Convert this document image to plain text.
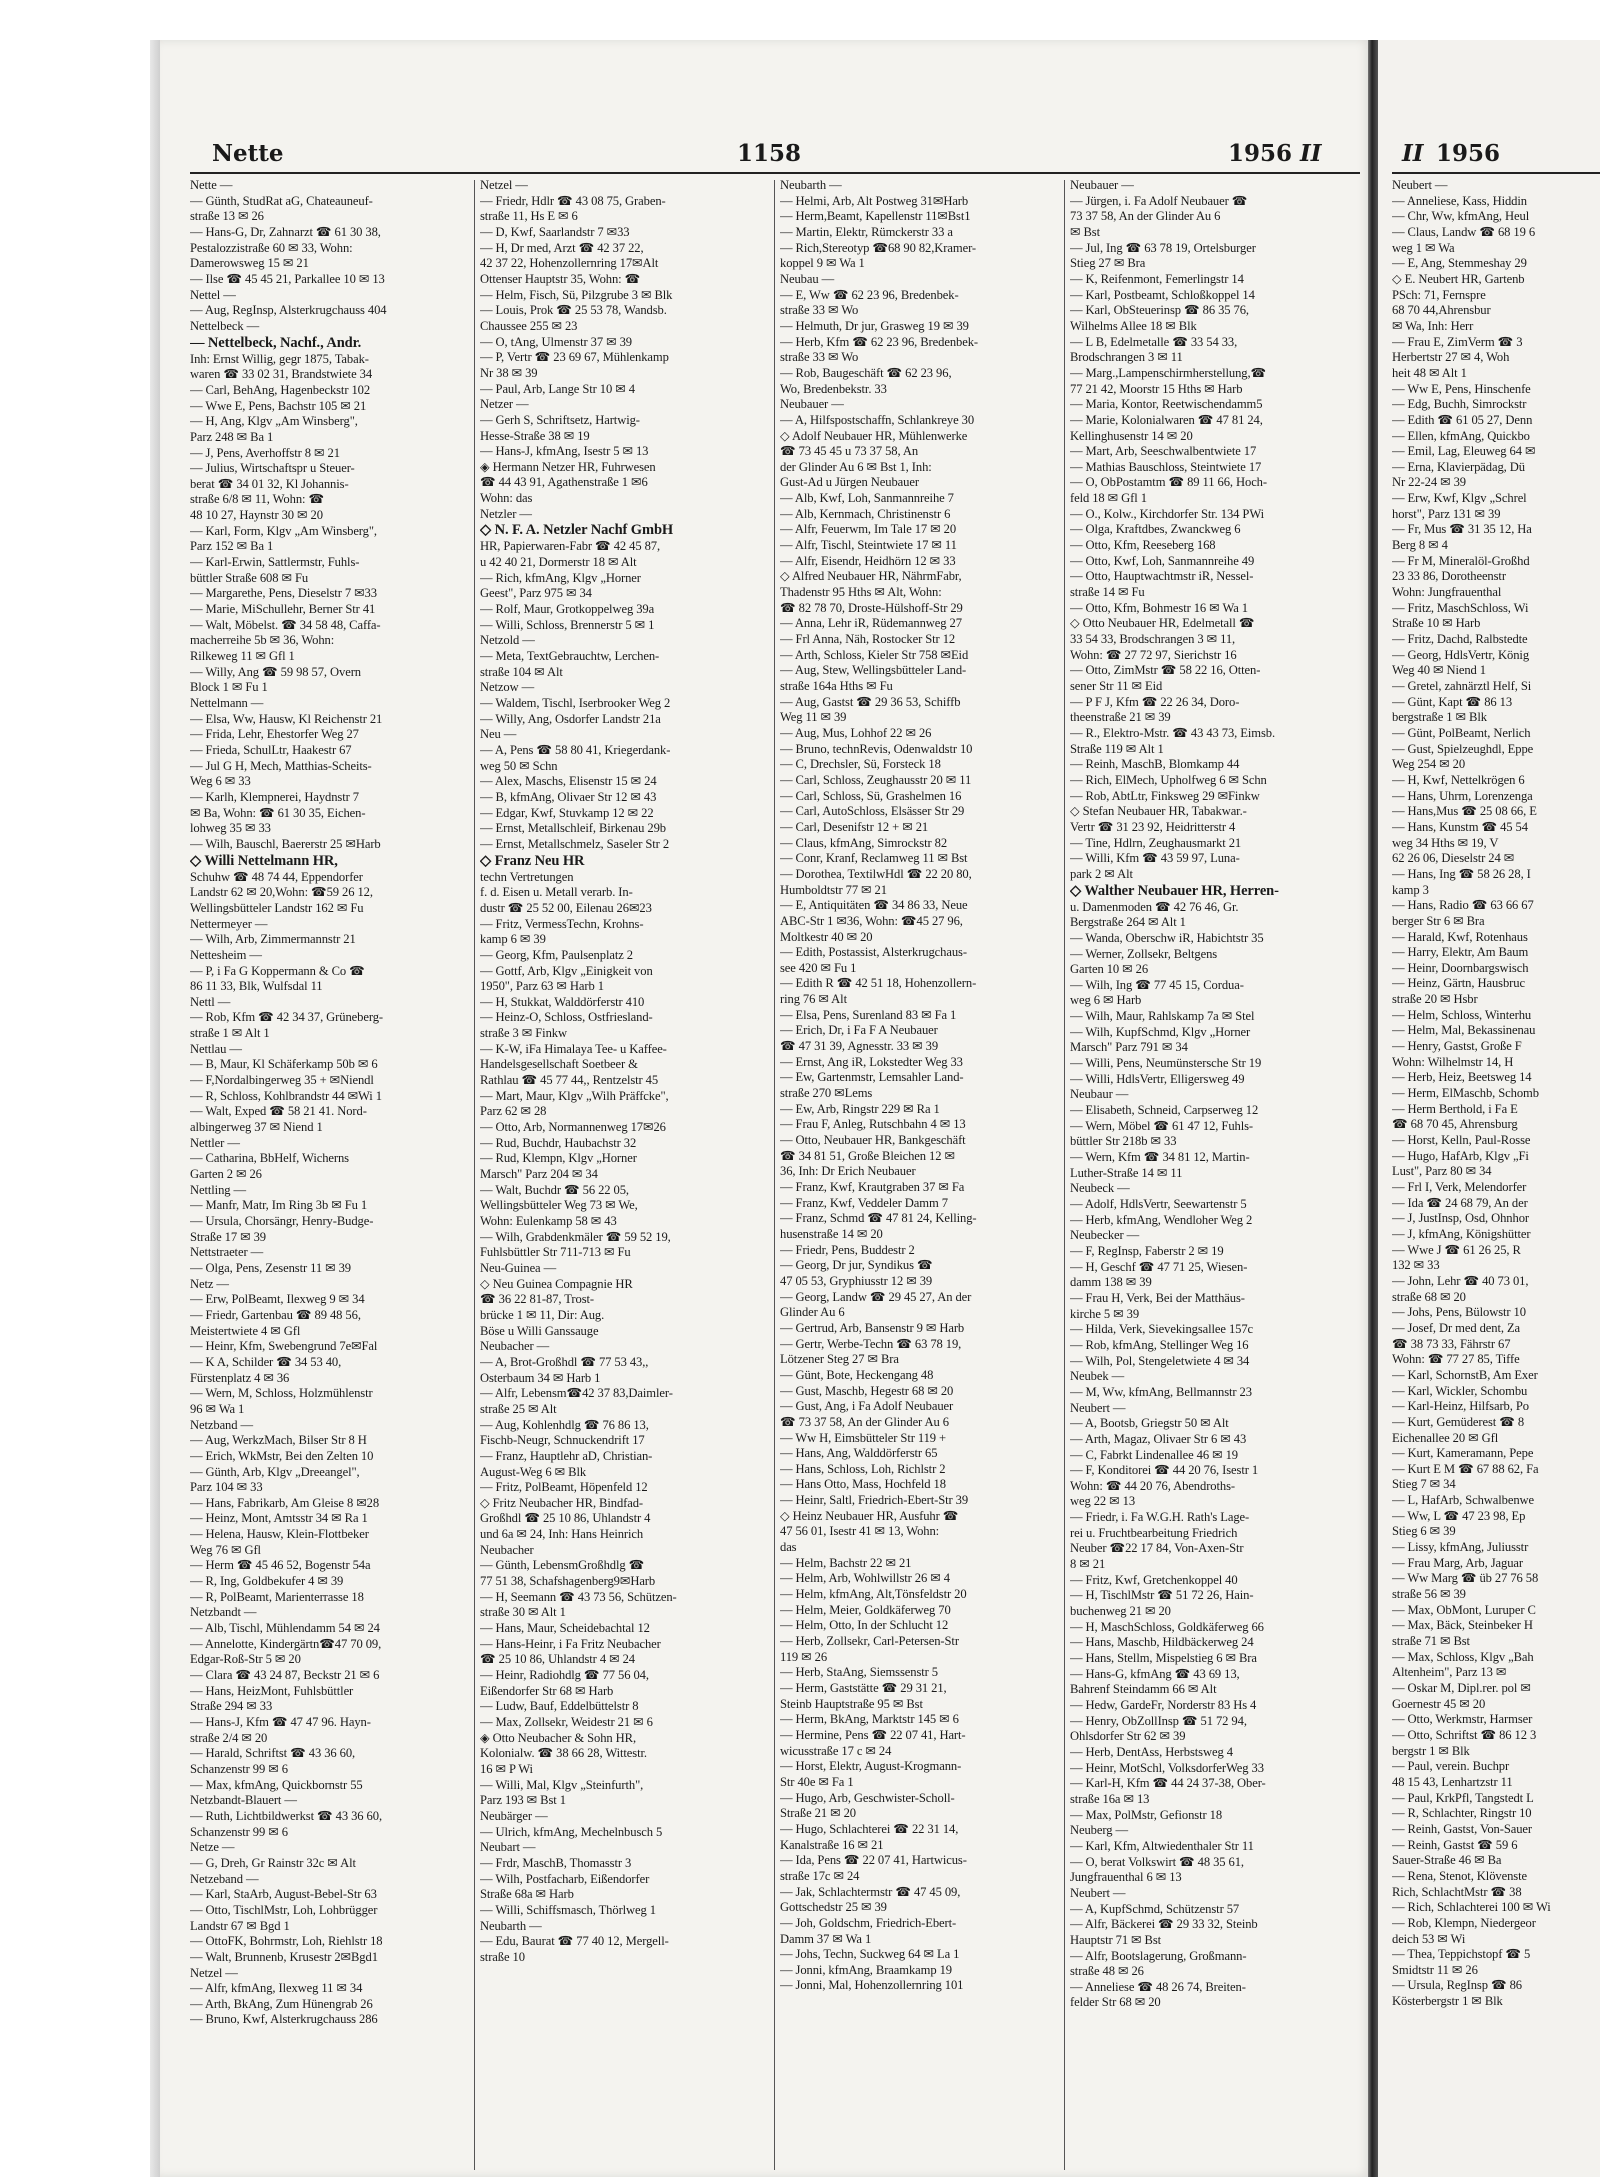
Nette	1158	1956 II	II 1956

Nette —

— Günth, StudRat aG, Chateauneuf-

straße 13 ✉ 26

— Hans-G, Dr, Zahnarzt ☎ 61 30 38,

Pestalozzistraße 60 ✉ 33, Wohn:

Damerowsweg 15 ✉ 21

— Ilse ☎ 45 45 21, Parkallee 10 ✉ 13

Nettel —

— Aug, RegInsp, Alsterkrugchauss 404

Nettelbeck —

— Nettelbeck, Nachf., Andr.

Inh: Ernst Willig, gegr 1875, Tabak-

waren ☎ 33 02 31, Brandstwiete 34

— Carl, BehAng, Hagenbeckstr 102

— Wwe E, Pens, Bachstr 105 ✉ 21

— H, Ang, Klgv „Am Winsberg",

Parz 248 ✉ Ba 1

— J, Pens, Averhoffstr 8 ✉ 21

— Julius, Wirtschaftspr u Steuer-

berat ☎ 34 01 32, Kl Johannis-

straße 6/8 ✉ 11, Wohn: ☎

48 10 27, Haynstr 30 ✉ 20

— Karl, Form, Klgv „Am Winsberg",

Parz 152 ✉ Ba 1

— Karl-Erwin, Sattlermstr, Fuhls-

büttler Straße 608 ✉ Fu

— Margarethe, Pens, Dieselstr 7 ✉33

— Marie, MiSchullehr, Berner Str 41

— Walt, Möbelst. ☎ 34 58 48, Caffa-

macherreihe 5b ✉ 36, Wohn:

Rilkeweg 11 ✉ Gfl 1

— Willy, Ang ☎ 59 98 57, Overn

Block 1 ✉ Fu 1

Nettelmann —

— Elsa, Ww, Hausw, Kl Reichenstr 21

— Frida, Lehr, Ehestorfer Weg 27

— Frieda, SchulLtr, Haakestr 67

— Jul G H, Mech, Matthias-Scheits-

Weg 6 ✉ 33

— Karlh, Klempnerei, Haydnstr 7

✉ Ba, Wohn: ☎ 61 30 35, Eichen-

lohweg 35 ✉ 33

— Wilh, Bauschl, Baererstr 25 ✉Harb

◇ Willi Nettelmann HR,

Schuhw ☎ 48 74 44, Eppendorfer

Landstr 62 ✉ 20,Wohn: ☎59 26 12,

Wellingsbütteler Landstr 162 ✉ Fu

Nettermeyer —

— Wilh, Arb, Zimmermannstr 21

Nettesheim —

— P, i Fa G Koppermann & Co ☎

86 11 33, Blk, Wulfsdal 11

Nettl —

— Rob, Kfm ☎ 42 34 37, Grüneberg-

straße 1 ✉ Alt 1

Nettlau —

— B, Maur, Kl Schäferkamp 50b ✉ 6

— F,Nordalbingerweg 35 + ✉Niendl

— R, Schloss, Kohlbrandstr 44 ✉Wi 1

— Walt, Exped ☎ 58 21 41. Nord-

albingerweg 37 ✉ Niend 1

Nettler —

— Catharina, BbHelf, Wicherns

Garten 2 ✉ 26

Nettling —

— Manfr, Matr, Im Ring 3b ✉ Fu 1

— Ursula, Chorsängr, Henry-Budge-

Straße 17 ✉ 39

Nettstraeter —

— Olga, Pens, Zesenstr 11 ✉ 39

Netz —

— Erw, PolBeamt, Ilexweg 9 ✉ 34

— Friedr, Gartenbau ☎ 89 48 56,

Meistertwiete 4 ✉ Gfl

— Heinr, Kfm, Swebengrund 7e✉Fal

— K A, Schilder ☎ 34 53 40,

Fürstenplatz 4 ✉ 36

— Wern, M, Schloss, Holzmühlenstr

96 ✉ Wa 1

Netzband —

— Aug, WerkzMach, Bilser Str 8 H

— Erich, WkMstr, Bei den Zelten 10

— Günth, Arb, Klgv „Dreeangel",

Parz 104 ✉ 33

— Hans, Fabrikarb, Am Gleise 8 ✉28

— Heinz, Mont, Amtsstr 34 ✉ Ra 1

— Helena, Hausw, Klein-Flottbeker

Weg 76 ✉ Gfl

— Herm ☎ 45 46 52, Bogenstr 54a

— R, Ing, Goldbekufer 4 ✉ 39

— R, PolBeamt, Marienterrasse 18

Netzbandt —

— Alb, Tischl, Mühlendamm 54 ✉ 24

— Annelotte, Kindergärtn☎47 70 09,

Edgar-Roß-Str 5 ✉ 20

— Clara ☎ 43 24 87, Beckstr 21 ✉ 6

— Hans, HeizMont, Fuhlsbüttler

Straße 294 ✉ 33

— Hans-J, Kfm ☎ 47 47 96. Hayn-

straße 2/4 ✉ 20

— Harald, Schriftst ☎ 43 36 60,

Schanzenstr 99 ✉ 6

— Max, kfmAng, Quickbornstr 55

Netzbandt-Blauert —

— Ruth, Lichtbildwerkst ☎ 43 36 60,

Schanzenstr 99 ✉ 6

Netze —

— G, Dreh, Gr Rainstr 32c ✉ Alt

Netzeband —

— Karl, StaArb, August-Bebel-Str 63

— Otto, TischlMstr, Loh, Lohbrügger

Landstr 67 ✉ Bgd 1

— OttoFK, Bohrmstr, Loh, Riehlstr 18

— Walt, Brunnenb, Krusestr 2✉Bgd1

Netzel —

— Alfr, kfmAng, Ilexweg 11 ✉ 34

— Arth, BkAng, Zum Hünengrab 26

— Bruno, Kwf, Alsterkrugchauss 286

Netzel —

— Friedr, Hdlr ☎ 43 08 75, Graben-

straße 11, Hs E ✉ 6

— D, Kwf, Saarlandstr 7 ✉33

— H, Dr med, Arzt ☎ 42 37 22,

42 37 22, Hohenzollernring 17✉Alt

Ottenser Hauptstr 35, Wohn: ☎

— Helm, Fisch, Sü, Pilzgrube 3 ✉ Blk

— Louis, Prok ☎ 25 53 78, Wandsb.

Chaussee 255 ✉ 23

— O, tAng, Ulmenstr 37 ✉ 39

— P, Vertr ☎ 23 69 67, Mühlenkamp

Nr 38 ✉ 39

— Paul, Arb, Lange Str 10 ✉ 4

Netzer —

— Gerh S, Schriftsetz, Hartwig-

Hesse-Straße 38 ✉ 19

— Hans-J, kfmAng, Isestr 5 ✉ 13

◈ Hermann Netzer HR, Fuhrwesen

☎ 44 43 91, Agathenstraße 1 ✉6

Wohn: das

Netzler —

◇ N. F. A. Netzler Nachf GmbH

HR, Papierwaren-Fabr ☎ 42 45 87,

u 42 40 21, Dormerstr 18 ✉ Alt

— Rich, kfmAng, Klgv „Horner

Geest", Parz 975 ✉ 34

— Rolf, Maur, Grotkoppelweg 39a

— Willi, Schloss, Brennerstr 5 ✉ 1

Netzold —

— Meta, TextGebrauchtw, Lerchen-

straße 104 ✉ Alt

Netzow —

— Waldem, Tischl, Iserbrooker Weg 2

— Willy, Ang, Osdorfer Landstr 21a

Neu —

— A, Pens ☎ 58 80 41, Kriegerdank-

weg 50 ✉ Schn

— Alex, Maschs, Elisenstr 15 ✉ 24

— B, kfmAng, Olivaer Str 12 ✉ 43

— Edgar, Kwf, Stuvkamp 12 ✉ 22

— Ernst, Metallschleif, Birkenau 29b

— Ernst, Metallschmelz, Saseler Str 2

◇ Franz Neu HR

techn Vertretungen

f. d. Eisen u. Metall verarb. In-

dustr ☎ 25 52 00, Eilenau 26✉23

— Fritz, VermessTechn, Krohns-

kamp 6 ✉ 39

— Georg, Kfm, Paulsenplatz 2

— Gottf, Arb, Klgv „Einigkeit von

1950", Parz 63 ✉ Harb 1

— H, Stukkat, Walddörferstr 410

— Heinz-O, Schloss, Ostfriesland-

straße 3 ✉ Finkw

— K-W, iFa Himalaya Tee- u Kaffee-

Handelsgesellschaft Soetbeer &

Rathlau ☎ 45 77 44,, Rentzelstr 45

— Mart, Maur, Klgv „Wilh Präffcke",

Parz 62 ✉ 28

— Otto, Arb, Normannenweg 17✉26

— Rud, Buchdr, Haubachstr 32

— Rud, Klempn, Klgv „Horner

Marsch" Parz 204 ✉ 34

— Walt, Buchdr ☎ 56 22 05,

Wellingsbütteler Weg 73 ✉ We,

Wohn: Eulenkamp 58 ✉ 43

— Wilh, Grabdenkmäler ☎ 59 52 19,

Fuhlsbüttler Str 711-713 ✉ Fu

Neu-Guinea —

◇ Neu Guinea Compagnie HR

☎ 36 22 81-87, Trost-

brücke 1 ✉ 11, Dir: Aug.

Böse u Willi Ganssauge

Neubacher —

— A, Brot-Großhdl ☎ 77 53 43,,

Osterbaum 34 ✉ Harb 1

— Alfr, Lebensm☎42 37 83,Daimler-

straße 25 ✉ Alt

— Aug, Kohlenhdlg ☎ 76 86 13,

Fischb-Neugr, Schnuckendrift 17

— Franz, Hauptlehr aD, Christian-

August-Weg 6 ✉ Blk

— Fritz, PolBeamt, Höpenfeld 12

◇ Fritz Neubacher HR, Bindfad-

Großhdl ☎ 25 10 86, Uhlandstr 4

und 6a ✉ 24, Inh: Hans Heinrich

Neubacher

— Günth, LebensmGroßhdlg ☎

77 51 38, Schafshagenberg9✉Harb

— H, Seemann ☎ 43 73 56, Schützen-

straße 30 ✉ Alt 1

— Hans, Maur, Scheidebachtal 12

— Hans-Heinr, i Fa Fritz Neubacher

☎ 25 10 86, Uhlandstr 4 ✉ 24

— Heinr, Radiohdlg ☎ 77 56 04,

Eißendorfer Str 68 ✉ Harb

— Ludw, Bauf, Eddelbüttelstr 8

— Max, Zollsekr, Weidestr 21 ✉ 6

◈ Otto Neubacher & Sohn HR,

Kolonialw. ☎ 38 66 28, Wittestr.

16 ✉ P Wi

— Willi, Mal, Klgv „Steinfurth",

Parz 193 ✉ Bst 1

Neubärger —

— Ulrich, kfmAng, Mechelnbusch 5

Neubart —

— Frdr, MaschB, Thomasstr 3

— Wilh, Postfacharb, Eißendorfer

Straße 68a ✉ Harb

— Willi, Schiffsmasch, Thörlweg 1

Neubarth —

— Edu, Baurat ☎ 77 40 12, Mergell-

straße 10

Neubarth —

— Helmi, Arb, Alt Postweg 31✉Harb

— Herm,Beamt, Kapellenstr 11✉Bst1

— Martin, Elektr, Rümckerstr 33 a

— Rich,Stereotyp ☎68 90 82,Kramer-

koppel 9 ✉ Wa 1

Neubau —

— E, Ww ☎ 62 23 96, Bredenbek-

straße 33 ✉ Wo

— Helmuth, Dr jur, Grasweg 19 ✉ 39

— Herb, Kfm ☎ 62 23 96, Bredenbek-

straße 33 ✉ Wo

— Rob, Baugeschäft ☎ 62 23 96,

Wo, Bredenbekstr. 33

Neubauer —

— A, Hilfspostschaffn, Schlankreye 30

◇ Adolf Neubauer HR, Mühlenwerke

☎ 73 45 45 u 73 37 58, An

der Glinder Au 6 ✉ Bst 1, Inh:

Gust-Ad u Jürgen Neubauer

— Alb, Kwf, Loh, Sanmannreihe 7

— Alb, Kernmach, Christinenstr 6

— Alfr, Feuerwm, Im Tale 17 ✉ 20

— Alfr, Tischl, Steintwiete 17 ✉ 11

— Alfr, Eisendr, Heidhörn 12 ✉ 33

◇ Alfred Neubauer HR, NährmFabr,

Thadenstr 95 Hths ✉ Alt, Wohn:

☎ 82 78 70, Droste-Hülshoff-Str 29

— Anna, Lehr iR, Rüdemannweg 27

— Frl Anna, Näh, Rostocker Str 12

— Arth, Schloss, Kieler Str 758 ✉Eid

— Aug, Stew, Wellingsbütteler Land-

straße 164a Hths ✉ Fu

— Aug, Gastst ☎ 29 36 53, Schiffb

Weg 11 ✉ 39

— Aug, Mus, Lohhof 22 ✉ 26

— Bruno, technRevis, Odenwaldstr 10

— C, Drechsler, Sü, Forsteck 18

— Carl, Schloss, Zeughausstr 20 ✉ 11

— Carl, Schloss, Sü, Grashelmen 16

— Carl, AutoSchloss, Elsässer Str 29

— Carl, Desenifstr 12 + ✉ 21

— Claus, kfmAng, Simrockstr 82

— Conr, Kranf, Reclamweg 11 ✉ Bst

— Dorothea, TextilwHdl ☎ 22 20 80,

Humboldtstr 77 ✉ 21

— E, Antiquitäten ☎ 34 86 33, Neue

ABC-Str 1 ✉36, Wohn: ☎45 27 96,

Moltkestr 40 ✉ 20

— Edith, Postassist, Alsterkrugchaus-

see 420 ✉ Fu 1

— Edith R ☎ 42 51 18, Hohenzollern-

ring 76 ✉ Alt

— Elsa, Pens, Surenland 83 ✉ Fa 1

— Erich, Dr, i Fa F A Neubauer

☎ 47 31 39, Agnesstr. 33 ✉ 39

— Ernst, Ang iR, Lokstedter Weg 33

— Ew, Gartenmstr, Lemsahler Land-

straße 270 ✉Lems

— Ew, Arb, Ringstr 229 ✉ Ra 1

— Frau F, Anleg, Rutschbahn 4 ✉ 13

— Otto, Neubauer HR, Bankgeschäft

☎ 34 81 51, Große Bleichen 12 ✉

36, Inh: Dr Erich Neubauer

— Franz, Kwf, Krautgraben 37 ✉ Fa

— Franz, Kwf, Veddeler Damm 7

— Franz, Schmd ☎ 47 81 24, Kelling-

husenstraße 14 ✉ 20

— Friedr, Pens, Buddestr 2

— Georg, Dr jur, Syndikus ☎

47 05 53, Gryphiusstr 12 ✉ 39

— Georg, Landw ☎ 29 45 27, An der

Glinder Au 6

— Gertrud, Arb, Bansenstr 9 ✉ Harb

— Gertr, Werbe-Techn ☎ 63 78 19,

Lötzener Steg 27 ✉ Bra

— Günt, Bote, Heckengang 48

— Gust, Maschb, Hegestr 68 ✉ 20

— Gust, Ang, i Fa Adolf Neubauer

☎ 73 37 58, An der Glinder Au 6

— Ww H, Eimsbütteler Str 119 +

— Hans, Ang, Walddörferstr 65

— Hans, Schloss, Loh, Richlstr 2

— Hans Otto, Mass, Hochfeld 18

— Heinr, Saltl, Friedrich-Ebert-Str 39

◇ Heinz Neubauer HR, Ausfuhr ☎

47 56 01, Isestr 41 ✉ 13, Wohn:

das

— Helm, Bachstr 22 ✉ 21

— Helm, Arb, Wohlwillstr 26 ✉ 4

— Helm, kfmAng, Alt,Tönsfeldstr 20

— Helm, Meier, Goldkäferweg 70

— Helm, Otto, In der Schlucht 12

— Herb, Zollsekr, Carl-Petersen-Str

119 ✉ 26

— Herb, StaAng, Siemssenstr 5

— Herm, Gaststätte ☎ 29 31 21,

Steinb Hauptstraße 95 ✉ Bst

— Herm, BkAng, Marktstr 145 ✉ 6

— Hermine, Pens ☎ 22 07 41, Hart-

wicusstraße 17 c ✉ 24

— Horst, Elektr, August-Krogmann-

Str 40e ✉ Fa 1

— Hugo, Arb, Geschwister-Scholl-

Straße 21 ✉ 20

— Hugo, Schlachterei ☎ 22 31 14,

Kanalstraße 16 ✉ 21

— Ida, Pens ☎ 22 07 41, Hartwicus-

straße 17c ✉ 24

— Jak, Schlachtermstr ☎ 47 45 09,

Gottschedstr 25 ✉ 39

— Joh, Goldschm, Friedrich-Ebert-

Damm 37 ✉ Wa 1

— Johs, Techn, Suckweg 64 ✉ La 1

— Jonni, kfmAng, Braamkamp 19

— Jonni, Mal, Hohenzollernring 101

Neubauer —

— Jürgen, i. Fa Adolf Neubauer ☎

73 37 58, An der Glinder Au 6

✉ Bst

— Jul, Ing ☎ 63 78 19, Ortelsburger

Stieg 27 ✉ Bra

— K, Reifenmont, Femerlingstr 14

— Karl, Postbeamt, Schloßkoppel 14

— Karl, ObSteuerinsp ☎ 86 35 76,

Wilhelms Allee 18 ✉ Blk

— L B, Edelmetalle ☎ 33 54 33,

Brodschrangen 3 ✉ 11

— Marg.,Lampenschirmherstellung,☎

77 21 42, Moorstr 15 Hths ✉ Harb

— Maria, Kontor, Reetwischendamm5

— Marie, Kolonialwaren ☎ 47 81 24,

Kellinghusenstr 14 ✉ 20

— Mart, Arb, Seeschwalbentwiete 17

— Mathias Bauschloss, Steintwiete 17

— O, ObPostamtm ☎ 89 11 66, Hoch-

feld 18 ✉ Gfl 1

— O., Kolw., Kirchdorfer Str. 134 PWi

— Olga, Kraftdbes, Zwanckweg 6

— Otto, Kfm, Reeseberg 168

— Otto, Kwf, Loh, Sanmannreihe 49

— Otto, Hauptwachtmstr iR, Nessel-

straße 14 ✉ Fu

— Otto, Kfm, Bohmestr 16 ✉ Wa 1

◇ Otto Neubauer HR, Edelmetall ☎

33 54 33, Brodschrangen 3 ✉ 11,

Wohn: ☎ 27 72 97, Sierichstr 16

— Otto, ZimMstr ☎ 58 22 16, Otten-

sener Str 11 ✉ Eid

— P F J, Kfm ☎ 22 26 34, Doro-

theenstraße 21 ✉ 39

— R., Elektro-Mstr. ☎ 43 43 73, Eimsb.

Straße 119 ✉ Alt 1

— Reinh, MaschB, Blomkamp 44

— Rich, ElMech, Upholfweg 6 ✉ Schn

— Rob, AbtLtr, Finksweg 29 ✉Finkw

◇ Stefan Neubauer HR, Tabakwar.-

Vertr ☎ 31 23 92, Heidritterstr 4

— Tine, Hdlrn, Zeughausmarkt 21

— Willi, Kfm ☎ 43 59 97, Luna-

park 2 ✉ Alt

◇ Walther Neubauer HR, Herren-

u. Damenmoden ☎ 42 76 46, Gr.

Bergstraße 264 ✉ Alt 1

— Wanda, Oberschw iR, Habichtstr 35

— Werner, Zollsekr, Beltgens

Garten 10 ✉ 26

— Wilh, Ing ☎ 77 45 15, Cordua-

weg 6 ✉ Harb

— Wilh, Maur, Rahlskamp 7a ✉ Stel

— Wilh, KupfSchmd, Klgv „Horner

Marsch" Parz 791 ✉ 34

— Willi, Pens, Neumünstersche Str 19

— Willi, HdlsVertr, Elligersweg 49

Neubaur —

— Elisabeth, Schneid, Carpserweg 12

— Wern, Möbel ☎ 61 47 12, Fuhls-

büttler Str 218b ✉ 33

— Wern, Kfm ☎ 34 81 12, Martin-

Luther-Straße 14 ✉ 11

Neubeck —

— Adolf, HdlsVertr, Seewartenstr 5

— Herb, kfmAng, Wendloher Weg 2

Neubecker —

— F, RegInsp, Faberstr 2 ✉ 19

— H, Geschf ☎ 47 71 25, Wiesen-

damm 138 ✉ 39

— Frau H, Verk, Bei der Matthäus-

kirche 5 ✉ 39

— Hilda, Verk, Sievekingsallee 157c

— Rob, kfmAng, Stellinger Weg 16

— Wilh, Pol, Stengeletwiete 4 ✉ 34

Neubek —

— M, Ww, kfmAng, Bellmannstr 23

Neubert —

— A, Bootsb, Griegstr 50 ✉ Alt

— Arth, Magaz, Olivaer Str 6 ✉ 43

— C, Fabrkt Lindenallee 46 ✉ 19

— F, Konditorei ☎ 44 20 76, Isestr 1

Wohn: ☎ 44 20 76, Abendroths-

weg 22 ✉ 13

— Friedr, i. Fa W.G.H. Rath's Lage-

rei u. Fruchtbearbeitung Friedrich

Neuber ☎22 17 84, Von-Axen-Str

8 ✉ 21

— Fritz, Kwf, Gretchenkoppel 40

— H, TischlMstr ☎ 51 72 26, Hain-

buchenweg 21 ✉ 20

— H, MaschSchloss, Goldkäferweg 66

— Hans, Maschb, Hildbäckerweg 24

— Hans, Stellm, Mispelstieg 6 ✉ Bra

— Hans-G, kfmAng ☎ 43 69 13,

Bahrenf Steindamm 66 ✉ Alt

— Hedw, GardeFr, Norderstr 83 Hs 4

— Henry, ObZollInsp ☎ 51 72 94,

Ohlsdorfer Str 62 ✉ 39

— Herb, DentAss, Herbstsweg 4

— Heinr, MotSchl, VolksdorferWeg 33

— Karl-H, Kfm ☎ 44 24 37-38, Ober-

straße 16a ✉ 13

— Max, PolMstr, Gefionstr 18

Neuberg —

— Karl, Kfm, Altwiedenthaler Str 11

— O, berat Volkswirt ☎ 48 35 61,

Jungfrauenthal 6 ✉ 13

Neubert —

— A, KupfSchmd, Schützenstr 57

— Alfr, Bäckerei ☎ 29 33 32, Steinb

Hauptstr 71 ✉ Bst

— Alfr, Bootslagerung, Großmann-

straße 48 ✉ 26

— Anneliese ☎ 48 26 74, Breiten-

felder Str 68 ✉ 20

Neubert —

— Anneliese, Kass, Hiddin

— Chr, Ww, kfmAng, Heul

— Claus, Landw ☎ 68 19 6

weg 1 ✉ Wa

— E, Ang, Stemmeshay 29

◇ E. Neubert HR, Gartenb

PSch: 71, Fernspre

68 70 44,Ahrensbur

✉ Wa, Inh: Herr

— Frau E, ZimVerm ☎ 3

Herbertstr 27 ✉ 4, Woh

heit 48 ✉ Alt 1

— Ww E, Pens, Hinschenfe

— Edg, Buchh, Simrockstr

— Edith ☎ 61 05 27, Denn

— Ellen, kfmAng, Quickbo

— Emil, Lag, Eleuweg 64 ✉

— Erna, Klavierpädag, Dü

Nr 22-24 ✉ 39

— Erw, Kwf, Klgv „Schrel

horst", Parz 131 ✉ 39

— Fr, Mus ☎ 31 35 12, Ha

Berg 8 ✉ 4

— Fr M, Mineralöl-Großhd

23 33 86, Dorotheenstr

Wohn: Jungfrauenthal

— Fritz, MaschSchloss, Wi

Straße 10 ✉ Harb

— Fritz, Dachd, Ralbstedte

— Georg, HdlsVertr, König

Weg 40 ✉ Niend 1

— Gretel, zahnärztl Helf, Si

— Günt, Kapt ☎ 86 13

bergstraße 1 ✉ Blk

— Günt, PolBeamt, Nerlich

— Gust, Spielzeughdl, Eppe

Weg 254 ✉ 20

— H, Kwf, Nettelkrögen 6

— Hans, Uhrm, Lorenzenga

— Hans,Mus ☎ 25 08 66, E

— Hans, Kunstm ☎ 45 54

weg 34 Hths ✉ 19, V

62 26 06, Dieselstr 24 ✉

— Hans, Ing ☎ 58 26 28, I

kamp 3

— Hans, Radio ☎ 63 66 67

berger Str 6 ✉ Bra

— Harald, Kwf, Rotenhaus

— Harry, Elektr, Am Baum

— Heinr, Doornbargswisch

— Heinz, Gärtn, Hausbruc

straße 20 ✉ Hsbr

— Helm, Schloss, Winterhu

— Helm, Mal, Bekassinenau

— Henry, Gastst, Große F

Wohn: Wilhelmstr 14, H

— Herb, Heiz, Beetsweg 14

— Herm, ElMaschb, Schomb

— Herm Berthold, i Fa E

☎ 68 70 45, Ahrensburg

— Horst, Kelln, Paul-Rosse

— Hugo, HafArb, Klgv „Fi

Lust", Parz 80 ✉ 34

— Frl I, Verk, Melendorfer

— Ida ☎ 24 68 79, An der

— J, JustInsp, Osd, Ohnhor

— J, kfmAng, Königshütter

— Wwe J ☎ 61 26 25, R

132 ✉ 33

— John, Lehr ☎ 40 73 01,

straße 68 ✉ 20

— Johs, Pens, Bülowstr 10

— Josef, Dr med dent, Za

☎ 38 73 33, Fährstr 67

Wohn: ☎ 77 27 85, Tiffe

— Karl, SchornstB, Am Exer

— Karl, Wickler, Schombu

— Karl-Heinz, Hilfsarb, Po

— Kurt, Gemüderest ☎ 8

Eichenallee 20 ✉ Gfl

— Kurt, Kameramann, Pepe

— Kurt E M ☎ 67 88 62, Fa

Stieg 7 ✉ 34

— L, HafArb, Schwalbenwe

— Ww, L ☎ 47 23 98, Ep

Stieg 6 ✉ 39

— Lissy, kfmAng, Juliusstr

— Frau Marg, Arb, Jaguar

— Ww Marg ☎ üb 27 76 58

straße 56 ✉ 39

— Max, ObMont, Luruper C

— Max, Bäck, Steinbeker H

straße 71 ✉ Bst

— Max, Schloss, Klgv „Bah

Altenheim", Parz 13 ✉

— Oskar M, Dipl.rer. pol ✉

Goernestr 45 ✉ 20

— Otto, Werkmstr, Harmser

— Otto, Schriftst ☎ 86 12 3

bergstr 1 ✉ Blk

— Paul, verein. Buchpr

48 15 43, Lenhartzstr 11

— Paul, KrkPfl, Tangstedt L

— R, Schlachter, Ringstr 10

— Reinh, Gastst, Von-Sauer

— Reinh, Gastst ☎ 59 6

Sauer-Straße 46 ✉ Ba

— Rena, Stenot, Klövenste

Rich, SchlachtMstr ☎ 38

— Rich, Schlachterei 100 ✉ Wi

— Rob, Klempn, Niedergeor

deich 53 ✉ Wi

— Thea, Teppichstopf ☎ 5

Smidtstr 11 ✉ 26

— Ursula, RegInsp ☎ 86

Kösterbergstr 1 ✉ Blk
